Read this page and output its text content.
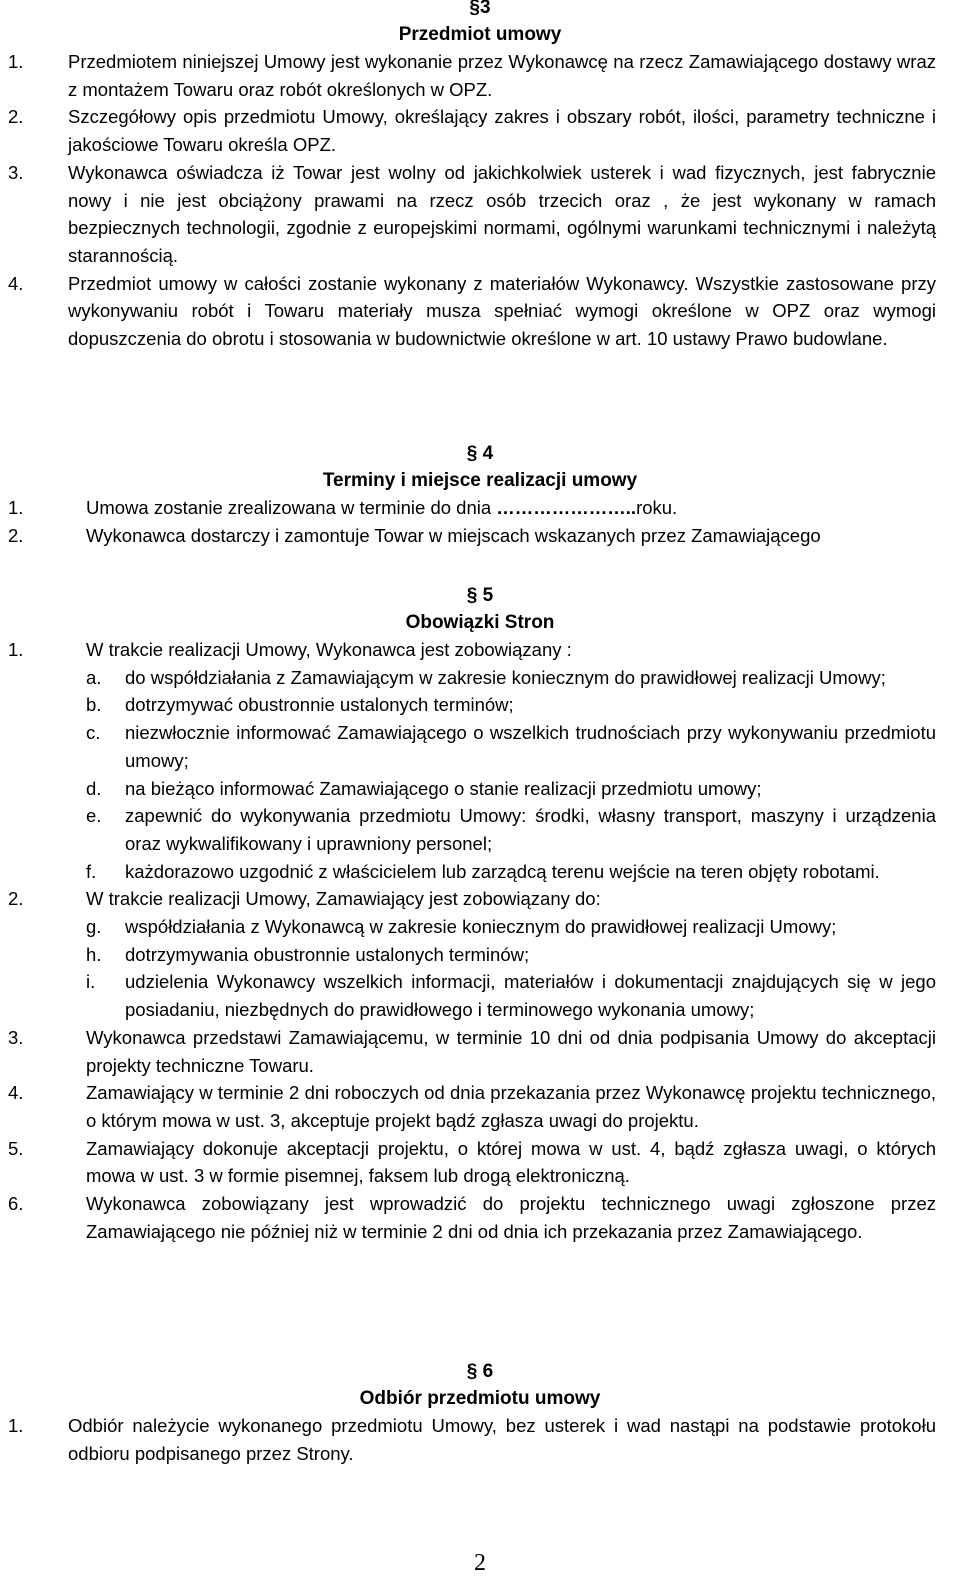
§3
Przedmiot umowy
1. Przedmiotem niniejszej Umowy jest wykonanie przez Wykonawcę na rzecz Zamawiającego dostawy wraz z montażem Towaru oraz robót określonych w OPZ.
2. Szczegółowy opis przedmiotu Umowy, określający zakres i obszary robót, ilości, parametry techniczne i jakościowe Towaru określa OPZ.
3. Wykonawca oświadcza iż Towar jest wolny od jakichkolwiek usterek i wad fizycznych, jest fabrycznie nowy i nie jest obciążony prawami na rzecz osób trzecich oraz , że jest wykonany w ramach bezpiecznych technologii, zgodnie z europejskimi normami, ogólnymi warunkami technicznymi i należytą starannością.
4. Przedmiot umowy w całości zostanie wykonany z materiałów Wykonawcy. Wszystkie zastosowane przy wykonywaniu robót i Towaru materiały musza spełniać wymogi określone w OPZ oraz wymogi dopuszczenia do obrotu i stosowania w budownictwie określone w art. 10 ustawy Prawo budowlane.
§ 4
Terminy i miejsce realizacji umowy
1.	Umowa zostanie zrealizowana w terminie do dnia …………………..roku.
2.	Wykonawca dostarczy i zamontuje Towar w miejscach wskazanych przez Zamawiającego
§ 5
Obowiązki Stron
1.	W trakcie realizacji Umowy, Wykonawca jest zobowiązany :
a. do współdziałania z Zamawiającym w zakresie koniecznym do prawidłowej realizacji Umowy;
b. dotrzymywać obustronnie ustalonych terminów;
c. niezwłocznie informować Zamawiającego o wszelkich trudnościach przy wykonywaniu przedmiotu umowy;
d. na bieżąco informować Zamawiającego o stanie realizacji przedmiotu umowy;
e. zapewnić do wykonywania przedmiotu Umowy: środki, własny transport, maszyny i urządzenia oraz wykwalifikowany i uprawniony personel;
f. każdorazowo uzgodnić z właścicielem lub zarządcą terenu wejście na teren objęty robotami.
2.	W trakcie realizacji Umowy, Zamawiający jest zobowiązany do:
g. współdziałania z Wykonawcą w zakresie koniecznym do prawidłowej realizacji Umowy;
h. dotrzymywania obustronnie ustalonych terminów;
i. udzielenia Wykonawcy wszelkich informacji, materiałów i dokumentacji znajdujących się w jego posiadaniu, niezbędnych do prawidłowego i terminowego wykonania umowy;
3.	Wykonawca przedstawi Zamawiającemu, w terminie 10 dni od dnia podpisania Umowy do akceptacji projekty techniczne Towaru.
4.	Zamawiający w terminie 2 dni roboczych od dnia przekazania przez Wykonawcę projektu technicznego, o którym mowa w ust. 3, akceptuje projekt bądź zgłasza uwagi do projektu.
5.	Zamawiający dokonuje akceptacji projektu, o której mowa w ust. 4, bądź zgłasza uwagi, o których mowa w ust. 3 w formie pisemnej, faksem lub drogą elektroniczną.
6.	Wykonawca zobowiązany jest wprowadzić do projektu technicznego uwagi zgłoszone przez Zamawiającego nie później niż w terminie 2 dni od dnia ich przekazania przez Zamawiającego.
§ 6
Odbiór przedmiotu umowy
1. Odbiór należycie wykonanego przedmiotu Umowy, bez usterek i wad nastąpi na podstawie protokołu odbioru podpisanego przez Strony.
2
